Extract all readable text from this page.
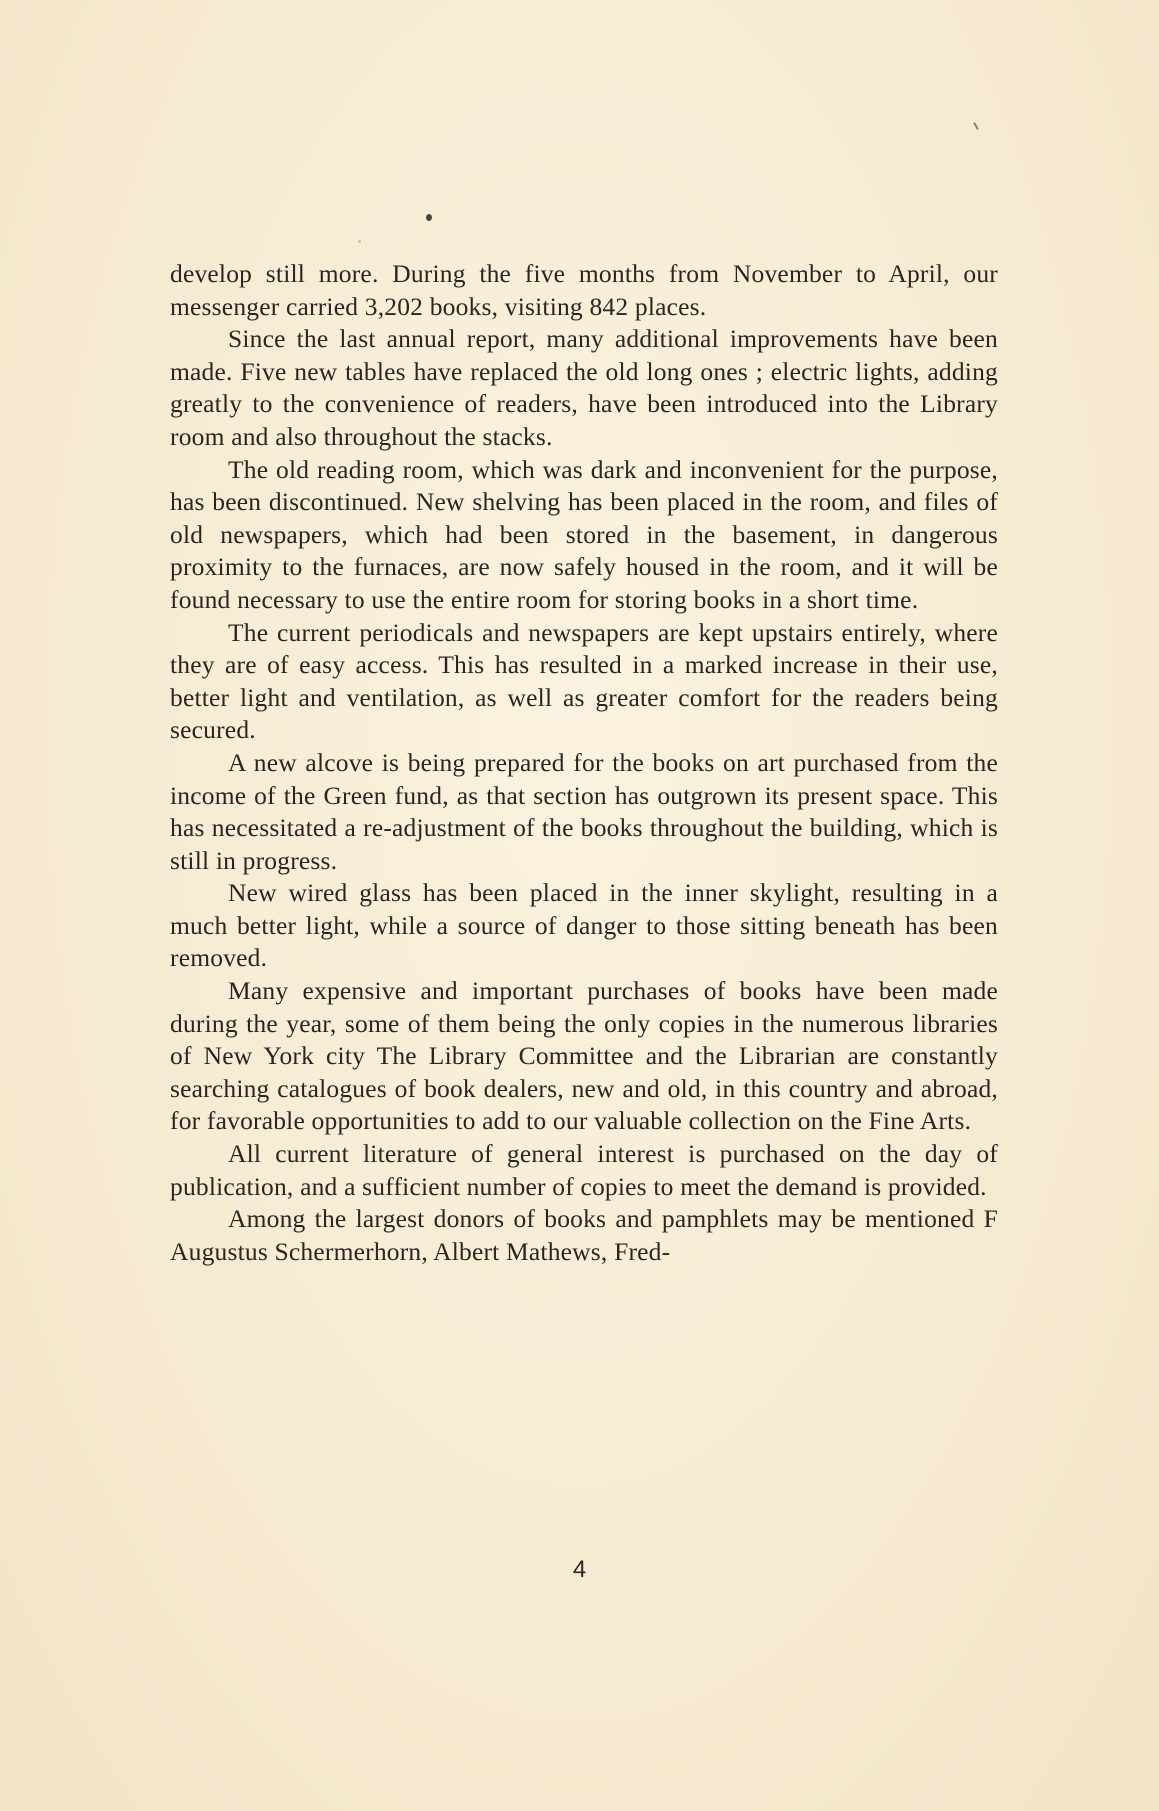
develop still more. During the five months from November to April, our messenger carried 3,202 books, visiting 842 places.

Since the last annual report, many additional improvements have been made. Five new tables have replaced the old long ones ; electric lights, adding greatly to the convenience of readers, have been introduced into the Library room and also throughout the stacks.

The old reading room, which was dark and inconvenient for the purpose, has been discontinued. New shelving has been placed in the room, and files of old newspapers, which had been stored in the basement, in dangerous proximity to the furnaces, are now safely housed in the room, and it will be found necessary to use the entire room for storing books in a short time.

The current periodicals and newspapers are kept upstairs entirely, where they are of easy access. This has resulted in a marked increase in their use, better light and ventilation, as well as greater comfort for the readers being secured.

A new alcove is being prepared for the books on art purchased from the income of the Green fund, as that section has outgrown its present space. This has necessitated a re-adjustment of the books throughout the building, which is still in progress.

New wired glass has been placed in the inner skylight, resulting in a much better light, while a source of danger to those sitting beneath has been removed.

Many expensive and important purchases of books have been made during the year, some of them being the only copies in the numerous libraries of New York city The Library Committee and the Librarian are constantly searching catalogues of book dealers, new and old, in this country and abroad, for favorable opportunities to add to our valuable collection on the Fine Arts.

All current literature of general interest is purchased on the day of publication, and a sufficient number of copies to meet the demand is provided.

Among the largest donors of books and pamphlets may be mentioned F Augustus Schermerhorn, Albert Mathews, Fred-

4
